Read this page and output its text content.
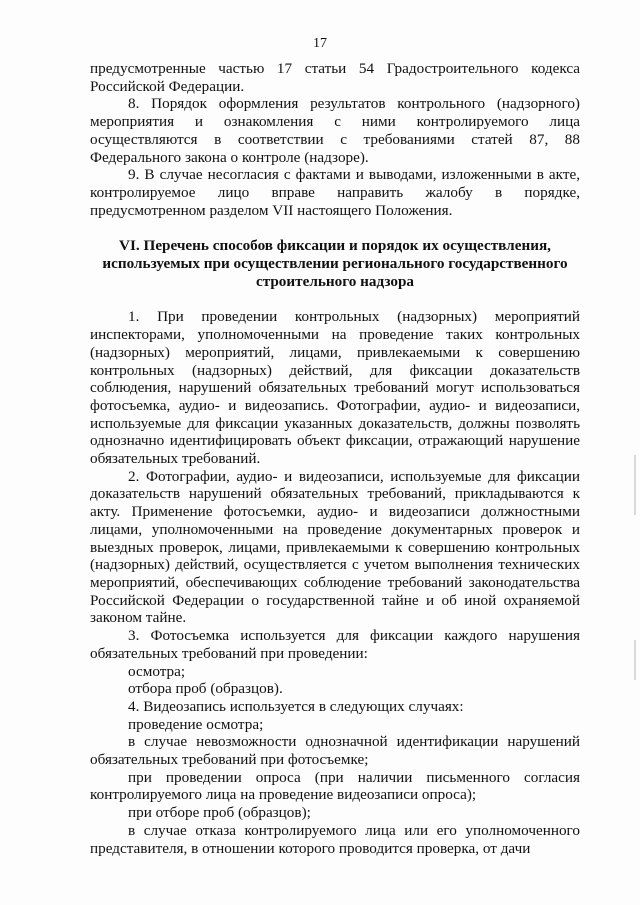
17

предусмотренные частью 17 статьи 54 Градостроительного кодекса Российской Федерации.

8. Порядок оформления результатов контрольного (надзорного) мероприятия и ознакомления с ними контролируемого лица осуществляются в соответствии с требованиями статей 87, 88 Федерального закона о контроле (надзоре).

9. В случае несогласия с фактами и выводами, изложенными в акте, контролируемое лицо вправе направить жалобу в порядке, предусмотренном разделом VII настоящего Положения.

VI. Перечень способов фиксации и порядок их осуществления, используемых при осуществлении регионального государственного строительного надзора

1. При проведении контрольных (надзорных) мероприятий инспекторами, уполномоченными на проведение таких контрольных (надзорных) мероприятий, лицами, привлекаемыми к совершению контрольных (надзорных) действий, для фиксации доказательств соблюдения, нарушений обязательных требований могут использоваться фотосъемка, аудио- и видеозапись. Фотографии, аудио- и видеозаписи, используемые для фиксации указанных доказательств, должны позволять однозначно идентифицировать объект фиксации, отражающий нарушение обязательных требований.

2. Фотографии, аудио- и видеозаписи, используемые для фиксации доказательств нарушений обязательных требований, прикладываются к акту. Применение фотосъемки, аудио- и видеозаписи должностными лицами, уполномоченными на проведение документарных проверок и выездных проверок, лицами, привлекаемыми к совершению контрольных (надзорных) действий, осуществляется с учетом выполнения технических мероприятий, обеспечивающих соблюдение требований законодательства Российской Федерации о государственной тайне и об иной охраняемой законом тайне.

3. Фотосъемка используется для фиксации каждого нарушения обязательных требований при проведении:

осмотра;

отбора проб (образцов).

4. Видеозапись используется в следующих случаях:

проведение осмотра;

в случае невозможности однозначной идентификации нарушений обязательных требований при фотосъемке;

при проведении опроса (при наличии письменного согласия контролируемого лица на проведение видеозаписи опроса);

при отборе проб (образцов);

в случае отказа контролируемого лица или его уполномоченного представителя, в отношении которого проводится проверка, от дачи
